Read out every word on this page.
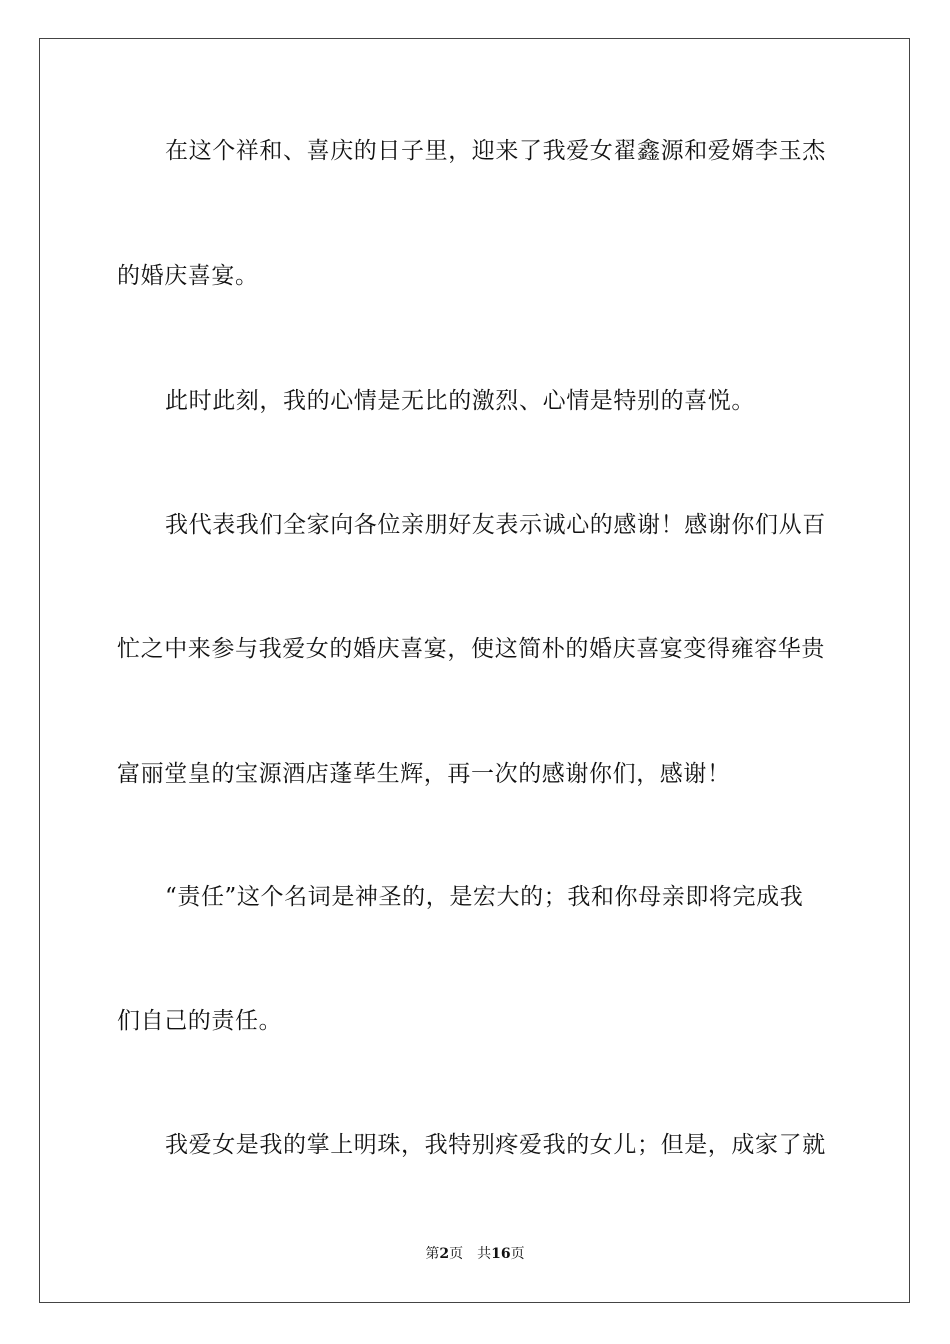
在这个祥和、喜庆的日子里，迎来了我爱女翟鑫源和爱婿李玉杰
的婚庆喜宴。
此时此刻，我的心情是无比的激烈、心情是特别的喜悦。
我代表我们全家向各位亲朋好友表示诚心的感谢！感谢你们从百
忙之中来参与我爱女的婚庆喜宴，使这简朴的婚庆喜宴变得雍容华贵
富丽堂皇的宝源酒店蓬荜生辉，再一次的感谢你们，感谢！
“责任”这个名词是神圣的，是宏大的；我和你母亲即将完成我
们自己的责任。
我爱女是我的掌上明珠，我特别疼爱我的女儿；但是，成家了就
第2页 共16页
